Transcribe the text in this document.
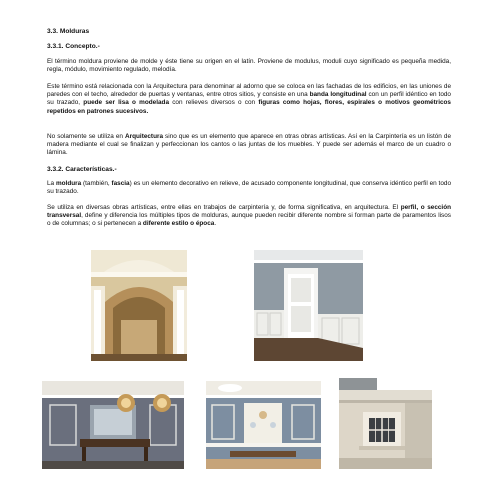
3.3. Molduras
3.3.1. Concepto.-
El término moldura proviene de molde y éste tiene su origen en el latín. Proviene de modulus, moduli cuyo significado es pequeña medida, regla, módulo, movimiento regulado, melodía.
Este término está relacionada con la Arquitectura para denominar al adorno que se coloca en las fachadas de los edificios, en las uniones de paredes con el techo, alrededor de puertas y ventanas, entre otros sitios, y consiste en una banda longitudinal con un perfil idéntico en todo su trazado, puede ser lisa o modelada con relieves diversos o con figuras como hojas, flores, espirales o motivos geométricos repetidos en patrones sucesivos.
No solamente se utiliza en Arquitectura sino que es un elemento que aparece en otras obras artísticas. Así en la Carpintería es un listón de madera mediante el cual se finalizan y perfeccionan los cantos o las juntas de los muebles. Y puede ser además el marco de un cuadro o lámina.
3.3.2. Características.-
La moldura (también, fascia) es un elemento decorativo en relieve, de acusado componente longitudinal, que conserva idéntico perfil en todo su trazado.
Se utiliza en diversas obras artísticas, entre ellas en trabajos de carpintería y, de forma significativa, en arquitectura. El perfil, o sección transversal, define y diferencia los múltiples tipos de molduras, aunque pueden recibir diferente nombre si forman parte de paramentos lisos o de columnas; o si pertenecen a diferente estilo o época.
